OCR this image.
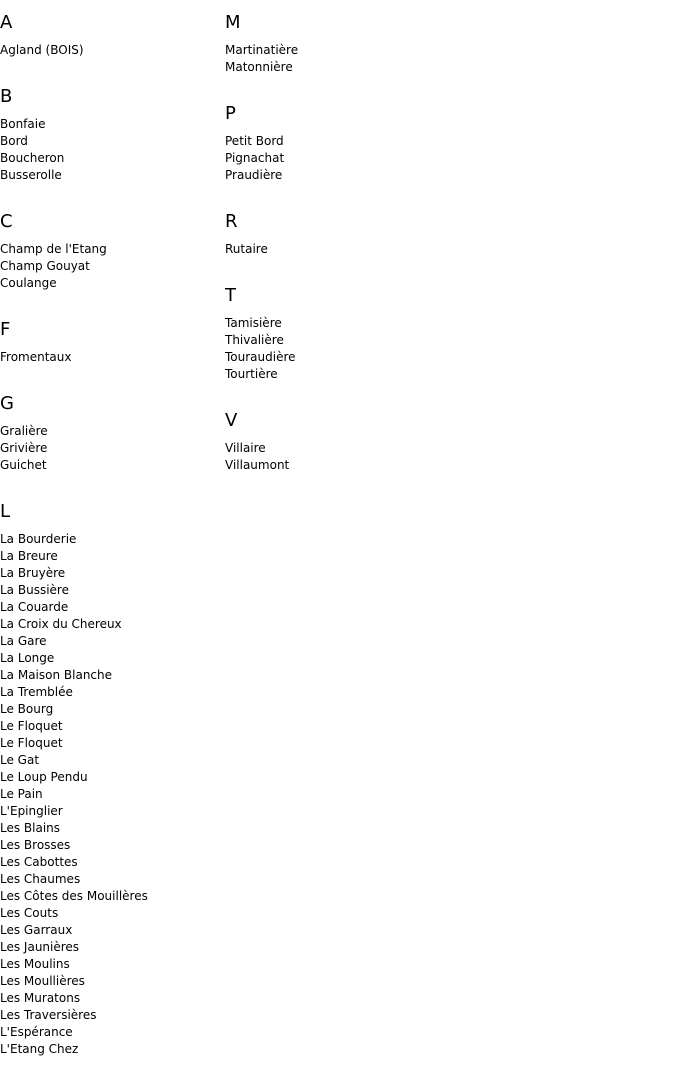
A
Agland (BOIS)
B
Bonfaie
Bord
Boucheron
Busserolle
C
Champ de l'Etang
Champ Gouyat
Coulange
F
Fromentaux
G
Gralière
Grivière
Guichet
L
La Bourderie
La Breure
La Bruyère
La Bussière
La Couarde
La Croix du Chereux
La Gare
La Longe
La Maison Blanche
La Tremblée
Le Bourg
Le Floquet
Le Floquet
Le Gat
Le Loup Pendu
Le Pain
L'Epinglier
Les Blains
Les Brosses
Les Cabottes
Les Chaumes
Les Côtes des Mouillères
Les Couts
Les Garraux
Les Jaunières
Les Moulins
Les Moullières
Les Muratons
Les Traversières
L'Espérance
L'Etang Chez
M
Martinatière
Matonnière
P
Petit Bord
Pignachat
Praudière
R
Rutaire
T
Tamisière
Thivalière
Touraudière
Tourtière
V
Villaire
Villaumont
